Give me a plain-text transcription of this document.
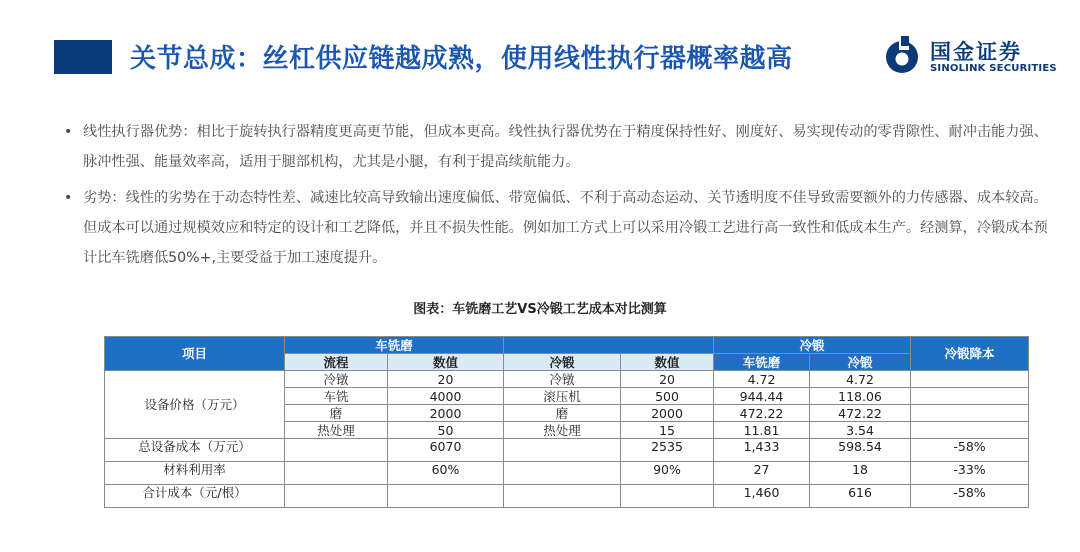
关节总成：丝杠供应链越成熟，使用线性执行器概率越高	国金证券
SINOLINK SECURITIES
• 线性执行器优势：相比于旋转执行器精度更高更节能，但成本更高。线性执行器优势在于精度保持性好、刚度好、易实现传动的零背隙性、耐冲击能力强、脉冲性强、能量效率高，适用于腿部机构，尤其是小腿，有利于提高续航能力。
• 劣势：线性的劣势在于动态特性差、减速比较高导致输出速度偏低、带宽偏低、不利于高动态运动、关节透明度不佳导致需要额外的力传感器、成本较高。但成本可以通过规模效应和特定的设计和工艺降低，并且不损失性能。例如加工方式上可以采用冷锻工艺进行高一致性和低成本生产。经测算，冷锻成本预计比车铣磨低50%+,主要受益于加工速度提升。
图表：车铣磨工艺VS冷锻工艺成本对比测算
项目	车铣磨				冷锻		冷锻降本
	流程	数值	冷锻	数值	车铣磨	冷锻	
设备价格（万元）	冷镦	20	冷镦	20	4.72	4.72	
	车铣	4000	滚压机	500	944.44	118.06	
	磨	2000	磨	2000	472.22	472.22	
	热处理	50	热处理	15	11.81	3.54	
总设备成本（万元）		6070		2535	1,433	598.54	-58%
材料利用率		60%		90%	27	18	-33%
合计成本（元/根）					1,460	616	-58%
